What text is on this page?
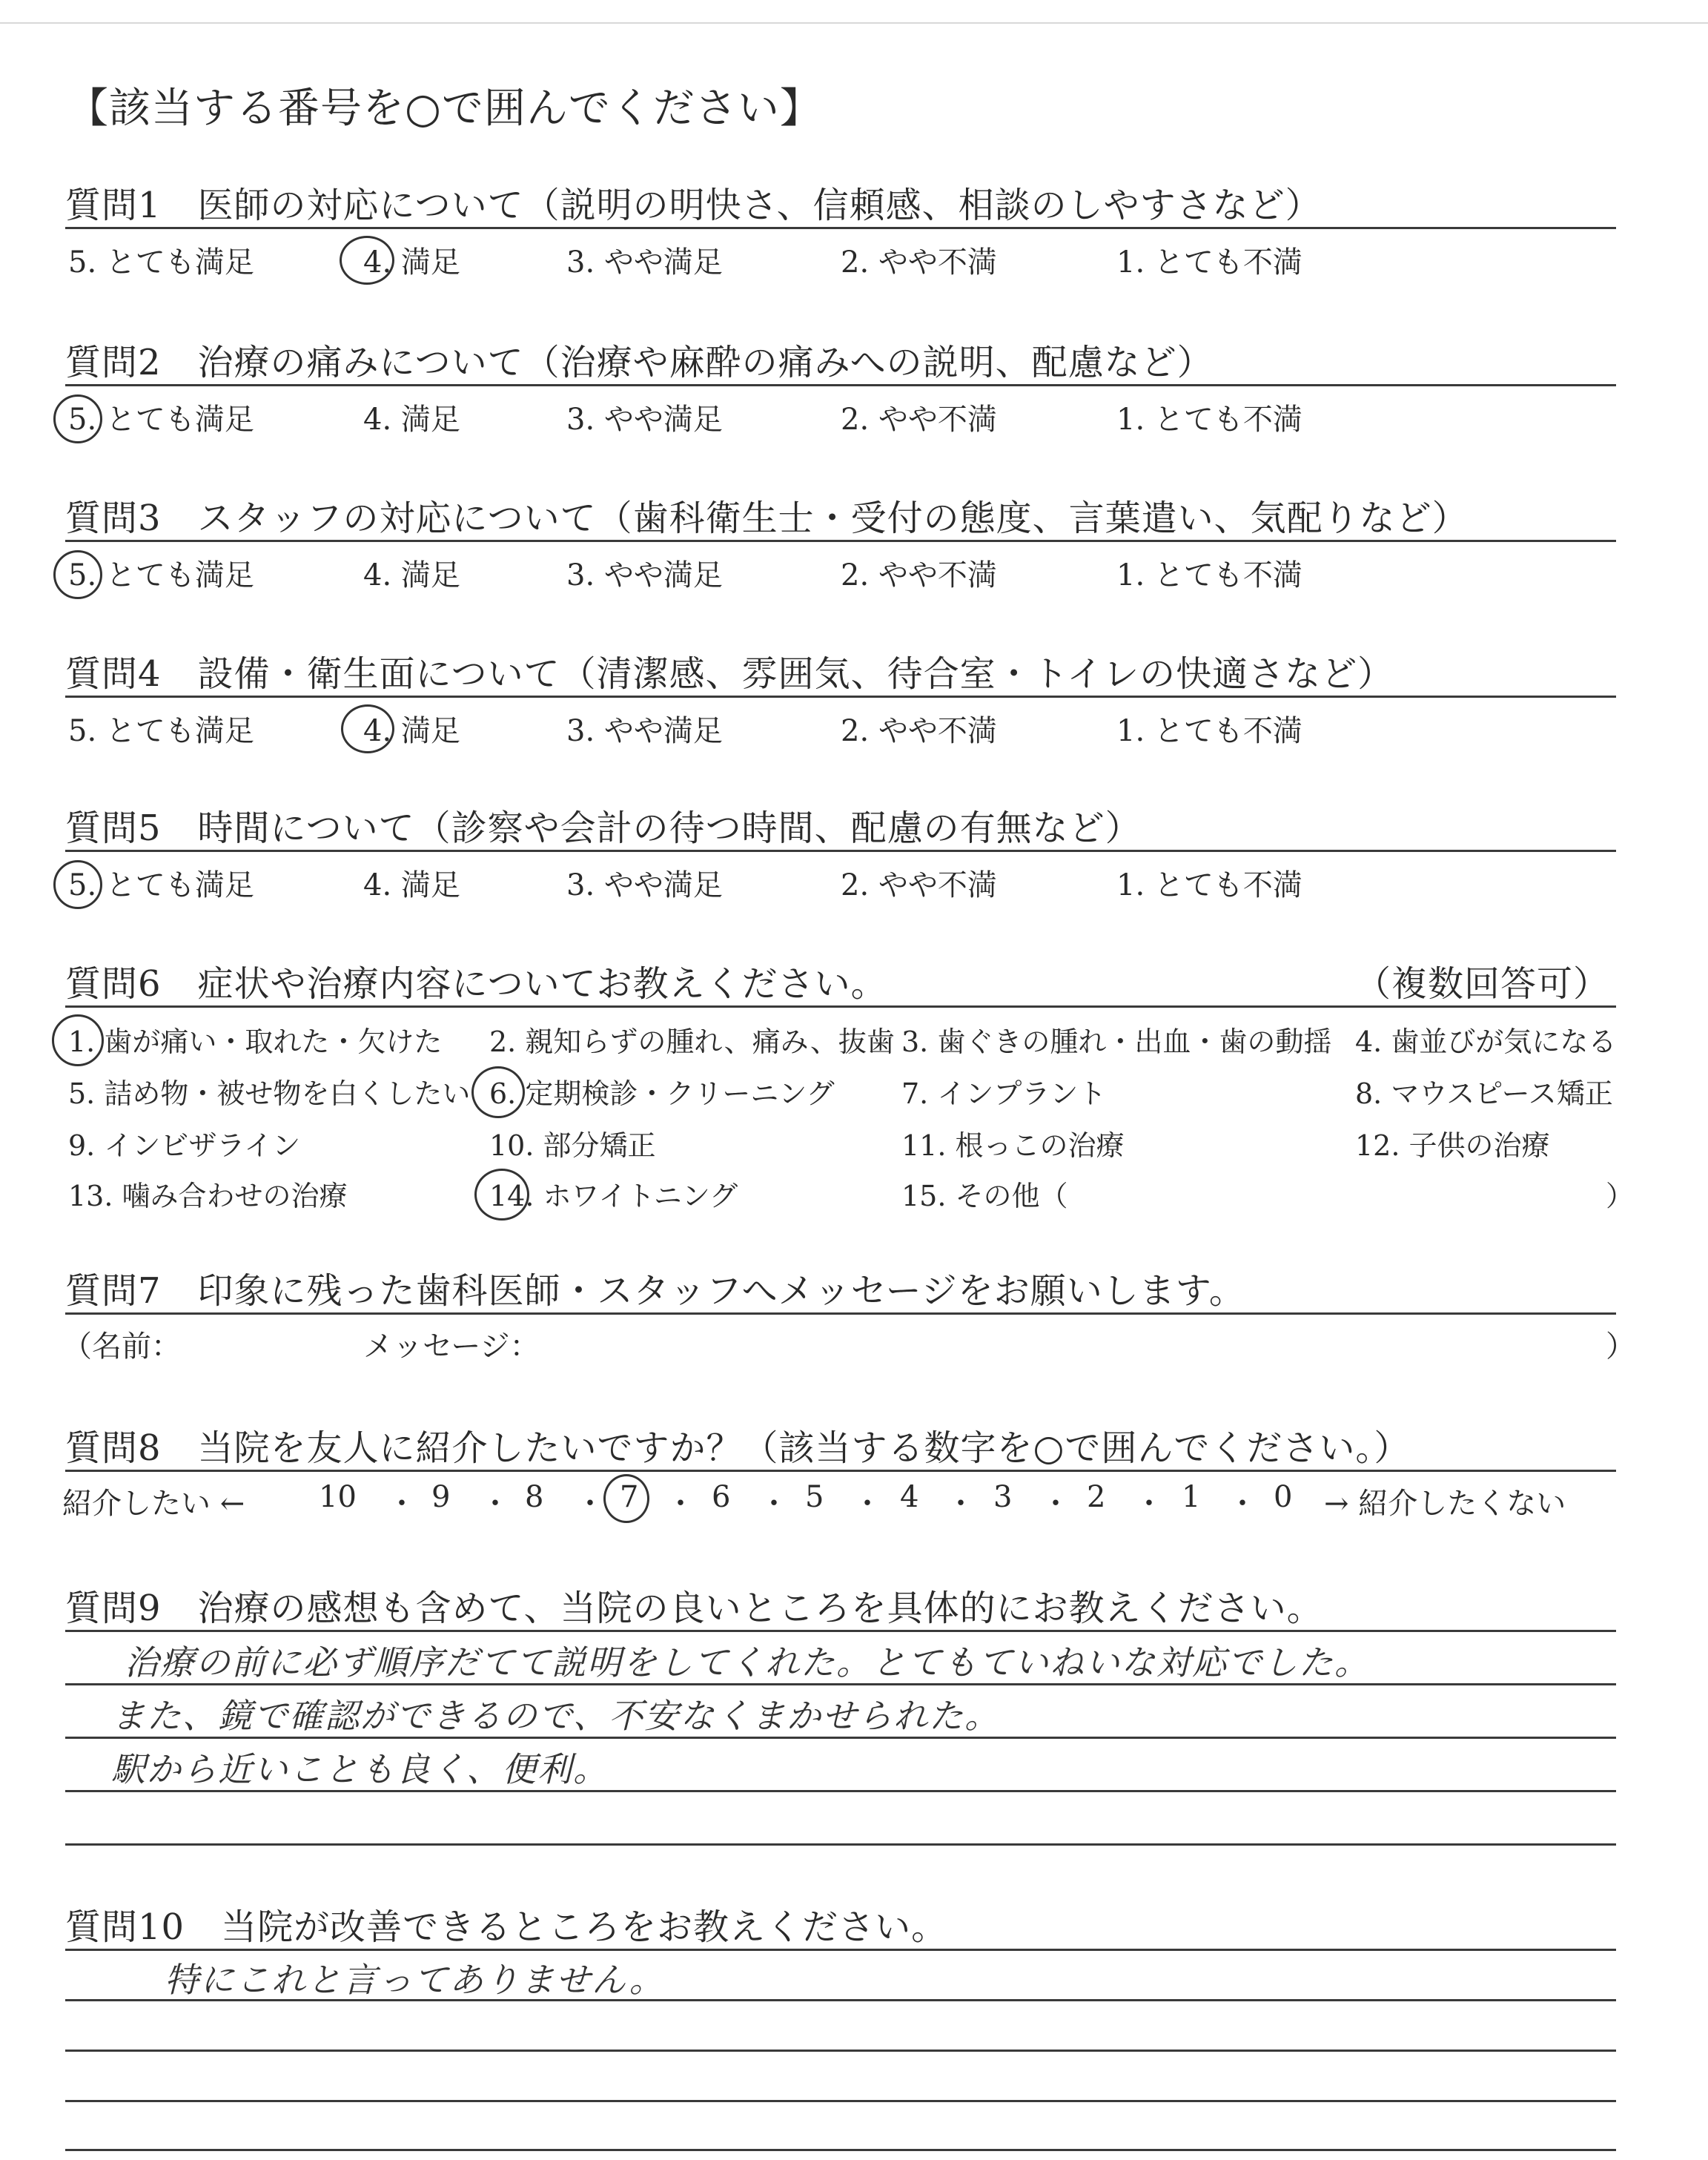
【該当する番号を○で囲んでください】
質問1　医師の対応について（説明の明快さ、信頼感、相談のしやすさなど）
5. とても満足	4. 満足	3. やや満足	2. やや不満	1. とても不満
質問2　治療の痛みについて（治療や麻酔の痛みへの説明、配慮など）
5. とても満足	4. 満足	3. やや満足	2. やや不満	1. とても不満
質問3　スタッフの対応について（歯科衛生士・受付の態度、言葉遣い、気配りなど）
5. とても満足	4. 満足	3. やや満足	2. やや不満	1. とても不満
質問4　設備・衛生面について（清潔感、雰囲気、待合室・トイレの快適さなど）
5. とても満足	4. 満足	3. やや満足	2. やや不満	1. とても不満
質問5　時間について（診察や会計の待つ時間、配慮の有無など）
5. とても満足	4. 満足	3. やや満足	2. やや不満	1. とても不満
質問6　症状や治療内容についてお教えください。	（複数回答可）
1. 歯が痛い・取れた・欠けた 2. 親知らずの腫れ、痛み、抜歯 3. 歯ぐきの腫れ・出血・歯の動揺 4. 歯並びが気になる
5. 詰め物・被せ物を白くしたい 6. 定期検診・クリーニング 7. インプラント	8. マウスピース矯正
9. インビザライン	10. 部分矯正	11. 根っこの治療	12. 子供の治療
13. 噛み合わせの治療	14. ホワイトニング	15. その他（	）
質問7　印象に残った歯科医師・スタッフへメッセージをお願いします。
（名前：	メッセージ：	）
質問8　当院を友人に紹介したいですか？（該当する数字を○で囲んでください。）
紹介したい ←	→ 紹介したくない
10 ・ 9 ・ 8 ・ 7 ・ 6 ・ 5 ・ 4 ・ 3 ・ 2 ・ 1 ・ 0
質問9　治療の感想も含めて、当院の良いところを具体的にお教えください。
治療の前に必ず順序だてて説明をしてくれた。とてもていねいな対応でした。
また、鏡で確認ができるので、不安なくまかせられた。
駅から近いことも良く、便利。
質問10　当院が改善できるところをお教えください。
特にこれと言ってありません。
